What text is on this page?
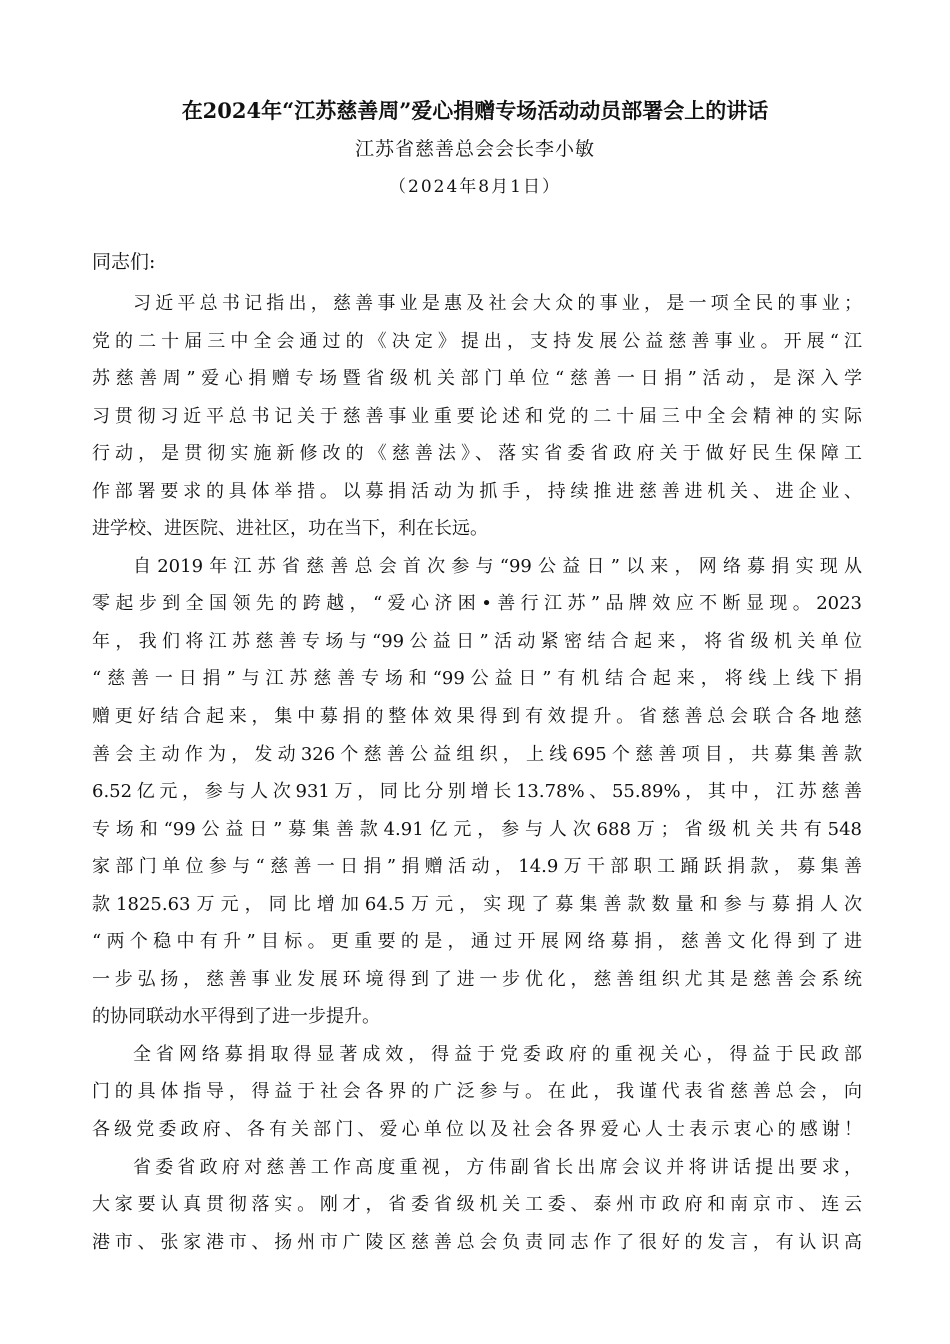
在2024年“江苏慈善周”爱心捐赠专场活动动员部署会上的讲话
江苏省慈善总会会长李小敏
（2024年8月1日）
同志们:
习近平总书记指出，慈善事业是惠及社会大众的事业，是一项全民的事业；
党的二十届三中全会通过的《决定》提出，支持发展公益慈善事业。开展“江
苏慈善周”爱心捐赠专场暨省级机关部门单位“慈善一日捐”活动，是深入学
习贯彻习近平总书记关于慈善事业重要论述和党的二十届三中全会精神的实际
行动，是贯彻实施新修改的《慈善法》、落实省委省政府关于做好民生保障工
作部署要求的具体举措。以募捐活动为抓手，持续推进慈善进机关、进企业、
进学校、进医院、进社区，功在当下，利在长远。
自2019年江苏省慈善总会首次参与“99公益日”以来，网络募捐实现从
零起步到全国领先的跨越，“爱心济困•善行江苏”品牌效应不断显现。2023
年，我们将江苏慈善专场与“99公益日”活动紧密结合起来，将省级机关单位
“慈善一日捐”与江苏慈善专场和“99公益日”有机结合起来，将线上线下捐
赠更好结合起来，集中募捐的整体效果得到有效提升。省慈善总会联合各地慈
善会主动作为，发动326个慈善公益组织，上线695个慈善项目，共募集善款
6.52亿元，参与人次931万，同比分别增长13.78%、55.89%，其中，江苏慈善
专场和“99公益日”募集善款4.91亿元，参与人次688万；省级机关共有548
家部门单位参与“慈善一日捐”捐赠活动，14.9万干部职工踊跃捐款，募集善
款1825.63万元，同比增加64.5万元，实现了募集善款数量和参与募捐人次
“两个稳中有升”目标。更重要的是，通过开展网络募捐，慈善文化得到了进
一步弘扬，慈善事业发展环境得到了进一步优化，慈善组织尤其是慈善会系统
的协同联动水平得到了进一步提升。
全省网络募捐取得显著成效，得益于党委政府的重视关心，得益于民政部
门的具体指导，得益于社会各界的广泛参与。在此，我谨代表省慈善总会，向
各级党委政府、各有关部门、爱心单位以及社会各界爱心人士表示衷心的感谢！
省委省政府对慈善工作高度重视，方伟副省长出席会议并将讲话提出要求，
大家要认真贯彻落实。刚才，省委省级机关工委、泰州市政府和南京市、连云
港市、张家港市、扬州市广陵区慈善总会负责同志作了很好的发言，有认识高
